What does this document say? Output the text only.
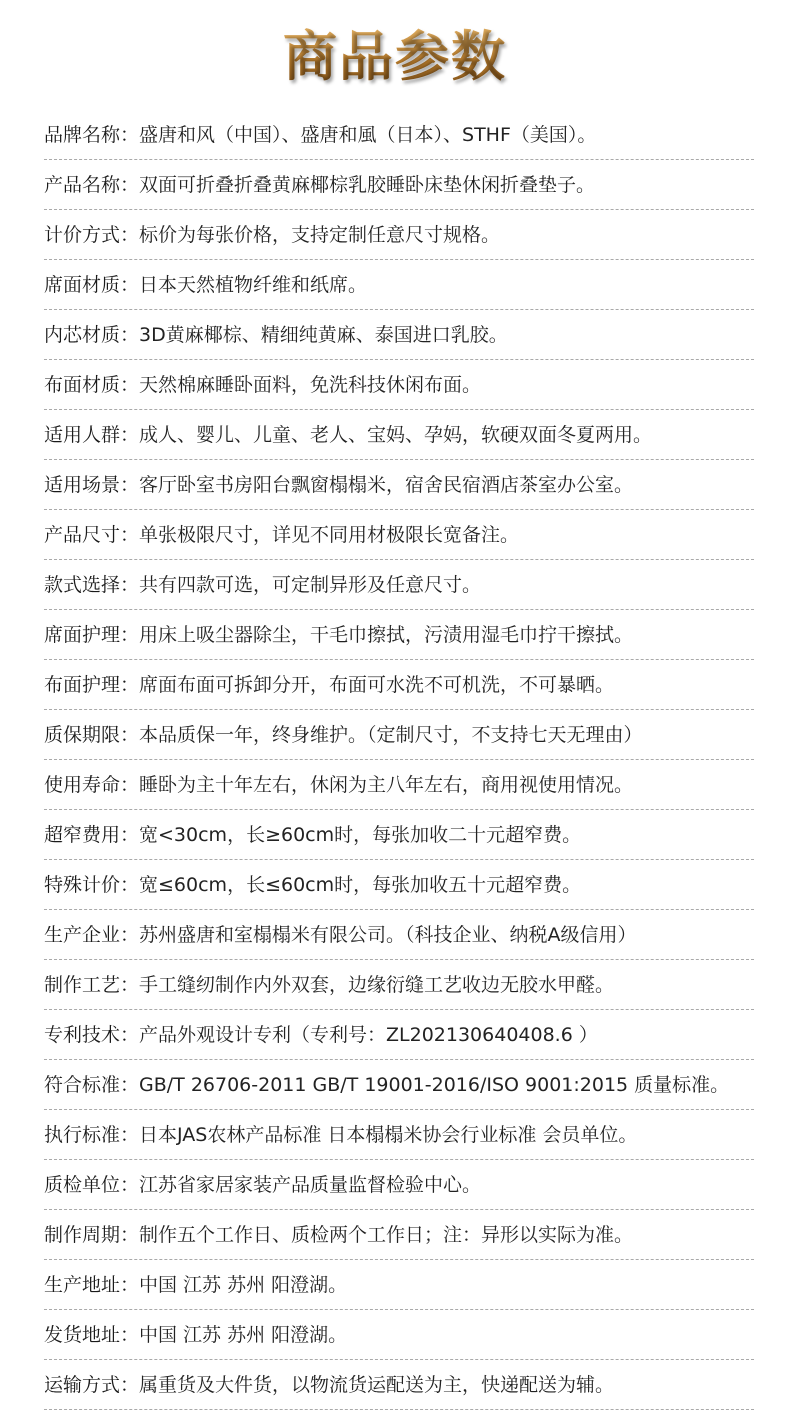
商品参数
品牌名称： 盛唐和风（中国）、盛唐和風（日本）、STHF（美国）。
产品名称： 双面可折叠折叠黄麻椰棕乳胶睡卧床垫休闲折叠垫子。
计价方式： 标价为每张价格，支持定制任意尺寸规格。
席面材质： 日本天然植物纤维和纸席。
内芯材质： 3D黄麻椰棕、精细纯黄麻、泰国进口乳胶。
布面材质： 天然棉麻睡卧面料，免洗科技休闲布面。
适用人群： 成人、婴儿、儿童、老人、宝妈、孕妈，软硬双面冬夏两用。
适用场景： 客厅卧室书房阳台飘窗榻榻米，宿舍民宿酒店茶室办公室。
产品尺寸： 单张极限尺寸，详见不同用材极限长宽备注。
款式选择： 共有四款可选，可定制异形及任意尺寸。
席面护理： 用床上吸尘器除尘，干毛巾擦拭，污渍用湿毛巾拧干擦拭。
布面护理： 席面布面可拆卸分开，布面可水洗不可机洗，不可暴晒。
质保期限： 本品质保一年，终身维护。（定制尺寸，不支持七天无理由）
使用寿命： 睡卧为主十年左右，休闲为主八年左右，商用视使用情况。
超窄费用： 宽<30cm，长≥60cm时，每张加收二十元超窄费。
特殊计价： 宽≤60cm，长≤60cm时，每张加收五十元超窄费。
生产企业： 苏州盛唐和室榻榻米有限公司。（科技企业、纳税A级信用）
制作工艺： 手工缝纫制作内外双套，边缘衍缝工艺收边无胶水甲醛。
专利技术： 产品外观设计专利（专利号：ZL202130640408.6 ）
符合标准： GB/T 26706-2011 GB/T 19001-2016/ISO 9001:2015 质量标准。
执行标准： 日本JAS农林产品标准 日本榻榻米协会行业标准 会员单位。
质检单位： 江苏省家居家装产品质量监督检验中心。
制作周期： 制作五个工作日、质检两个工作日；注：异形以实际为准。
生产地址： 中国 江苏 苏州 阳澄湖。
发货地址： 中国 江苏 苏州 阳澄湖。
运输方式： 属重货及大件货，以物流货运配送为主，快递配送为辅。
